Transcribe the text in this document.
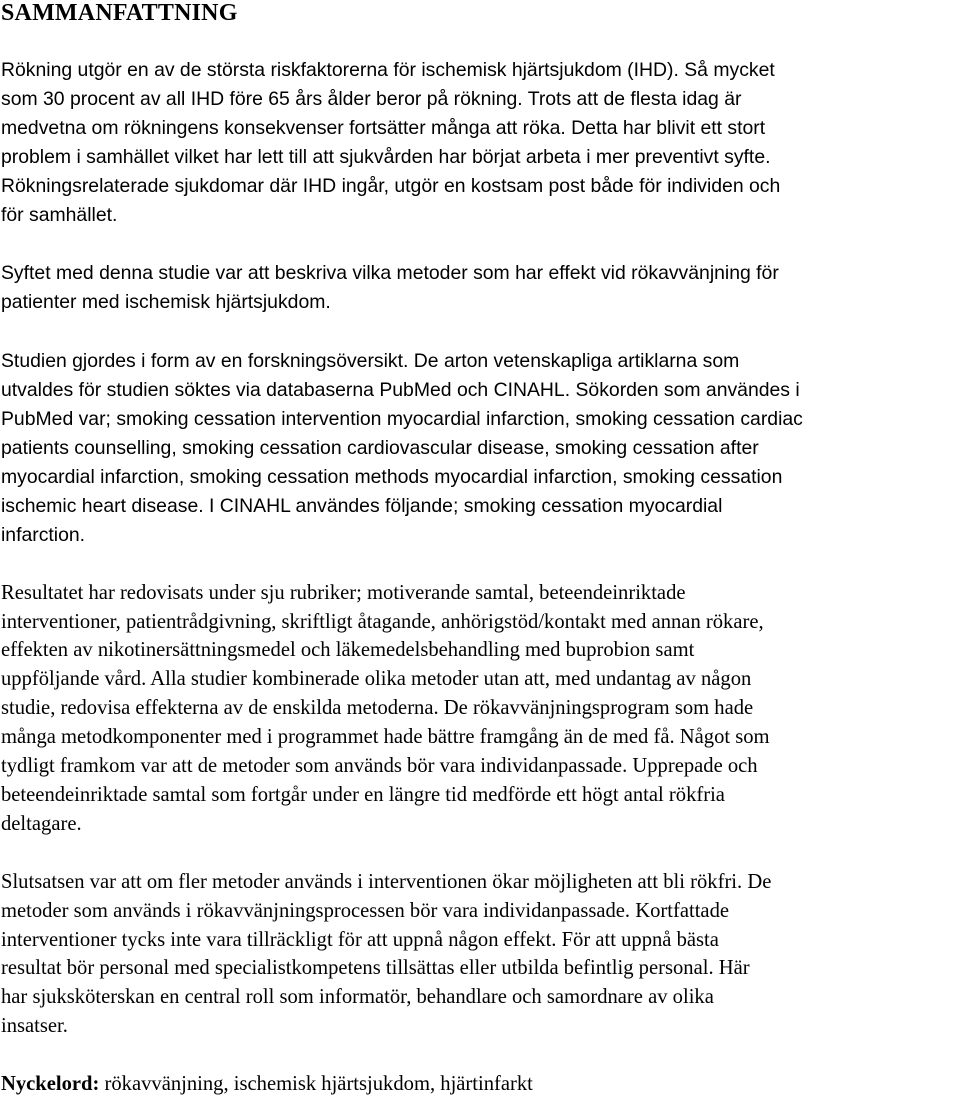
SAMMANFATTNING

Rökning utgör en av de största riskfaktorerna för ischemisk hjärtsjukdom (IHD). Så mycket
som 30 procent av all IHD före 65 års ålder beror på rökning. Trots att de flesta idag är
medvetna om rökningens konsekvenser fortsätter många att röka. Detta har blivit ett stort
problem i samhället vilket har lett till att sjukvården har börjat arbeta i mer preventivt syfte.
Rökningsrelaterade sjukdomar där IHD ingår, utgör en kostsam post både för individen och
för samhället.

Syftet med denna studie var att beskriva vilka metoder som har effekt vid rökavvänjning för
patienter med ischemisk hjärtsjukdom.

Studien gjordes i form av en forskningsöversikt. De arton vetenskapliga artiklarna som
utvaldes för studien söktes via databaserna PubMed och CINAHL. Sökorden som användes i
PubMed var; smoking cessation intervention myocardial infarction, smoking cessation cardiac
patients counselling, smoking cessation cardiovascular disease, smoking cessation after
myocardial infarction, smoking cessation methods myocardial infarction, smoking cessation
ischemic heart disease. I CINAHL användes följande; smoking cessation myocardial
infarction.

Resultatet har redovisats under sju rubriker; motiverande samtal, beteendeinriktade
interventioner, patientrådgivning, skriftligt åtagande, anhörigstöd/kontakt med annan rökare,
effekten av nikotinersättningsmedel och läkemedelsbehandling med buprobion samt
uppföljande vård. Alla studier kombinerade olika metoder utan att, med undantag av någon
studie, redovisa effekterna av de enskilda metoderna. De rökavvänjningsprogram som hade
många metodkomponenter med i programmet hade bättre framgång än de med få. Något som
tydligt framkom var att de metoder som används bör vara individanpassade. Upprepade och
beteendeinriktade samtal som fortgår under en längre tid medförde ett högt antal rökfria
deltagare.

Slutsatsen var att om fler metoder används i interventionen ökar möjligheten att bli rökfri. De
metoder som används i rökavvänjningsprocessen bör vara individanpassade. Kortfattade
interventioner tycks inte vara tillräckligt för att uppnå någon effekt. För att uppnå bästa
resultat bör personal med specialistkompetens tillsättas eller utbilda befintlig personal. Här
har sjuksköterskan en central roll som informatör, behandlare och samordnare av olika
insatser.

Nyckelord: rökavvänjning, ischemisk hjärtsjukdom, hjärtinfarkt
